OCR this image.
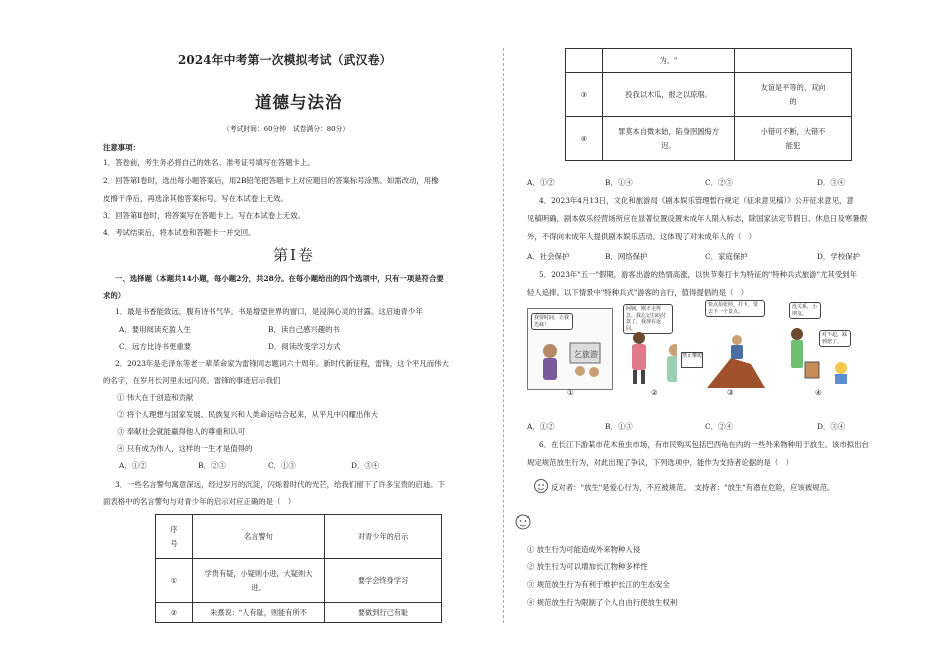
2024年中考第一次模拟考试（武汉卷）
道德与法治
（考试时间：60分钟　试卷满分：80分）
注意事项：
1．答卷前，考生务必将自己的姓名、准考证号填写在答题卡上。
2．回答第Ⅰ卷时，选出每小题答案后，用2B铅笔把答题卡上对应题目的答案标号涂黑。如需改动，用橡
皮擦干净后，再选涂其他答案标号。写在本试卷上无效。
3．回答第Ⅱ卷时，将答案写在答题卡上。写在本试卷上无效。
4．考试结束后，将本试卷和答题卡一并交回。
第Ⅰ卷
一、选择题（本题共14小题，每小题2分，共28分。在每小题给出的四个选项中，只有一项是符合要
求的）
1．最是书香能致远，腹有诗书气华。书是增望世界的窗口，是浸润心灵的甘露。这启迪青少年
A．要用阅读充盈人生	B．读自己感兴趣的书
C．远方比诗书更重要	D．阅读改变学习方式
2．2023年是毛泽东等老一辈革命家为雷锋同志题词六十周年。新时代新征程，雷锋，这个平凡而伟大
的名字，在岁月长河里永远闪亮。雷锋的事迹启示我们
① 伟大在于创造和贡献
② 将个人理想与国家发展、民族复兴和人类命运结合起来，从平凡中闪耀出伟大
③ 奉献社会就能赢得他人的尊重和认可
④ 只有成为伟人，这样的一生才是值得的
A．①②	B．②③	C．①③	D．③④
3．一些名言警句寓意深远，经过岁月的沉淀，闪烁着时代的光芒，给我们留下了许多宝贵的启迪。下
面表格中的名言警句与对青少年的启示对应正确的是（　）
序
号	名言警句	对青少年的启示
①	学贵有疑，小疑则小进，大疑则大
进。	要学会终身学习
②	朱熹说："人有耻，则能有所不	要做到行己有耻
	为。"	
③	投我以木瓜，报之以琼琚。	友谊是平等的、双向
的
④	罪莫本自微末始，陷身囹圄悔方
迟。	小错可不断，大错不
能犯
A．①②	B．①④	C．②③	D．③④
4．2023年4月13日，文化和旅游局《剧本娱乐管理暂行规定（征求意见稿）》公开征求意见，意
见稿明确，剧本娱乐经营场所应在显著位置设置未成年人限入标志，除国家法定节假日、休息日及寒暑假
外，不得向未成年人提供剧本娱乐活动。这体现了对未成年人的（　）
A．社会保护	B．网络保护	C．家庭保护	D．学校保护
5．2023年"五一"假期，游客出游的热情高涨，以快节奏打卡为特征的"特种兵式旅游"尤其受到年
轻人追捧。以下情景中"特种兵式"游客的言行，值得提倡的是（　）
我要时间，让我先疯！
乞旅游
①
阿姨，刚才走得急，我忘记扫码付款了，我现在返回。
②
快点拍张照，打卡，要去下一个景点。
禁止攀爬
③
没关系，小朋友。
对不起，踩到您了。
④
A．①②	B．①③	C．②④	D．③④
6．在长江下游某市花木鱼虫市场，有市民购买包括巴西龟在内的一些外来物种用于放生。该市拟出台
规定规范放生行为，对此出现了争议，下列选项中，能作为支持者论据的是（　）
反对者："放生"是爱心行为，不应被规范。　支持者："放生"有潜在危险，应该被规范。
① 放生行为可能造成外来物种入侵
② 放生行为可以增加长江物种多样性
③ 规范放生行为有利于维护长江的生态安全
④ 规范放生行为限制了个人自由行使放生权利
